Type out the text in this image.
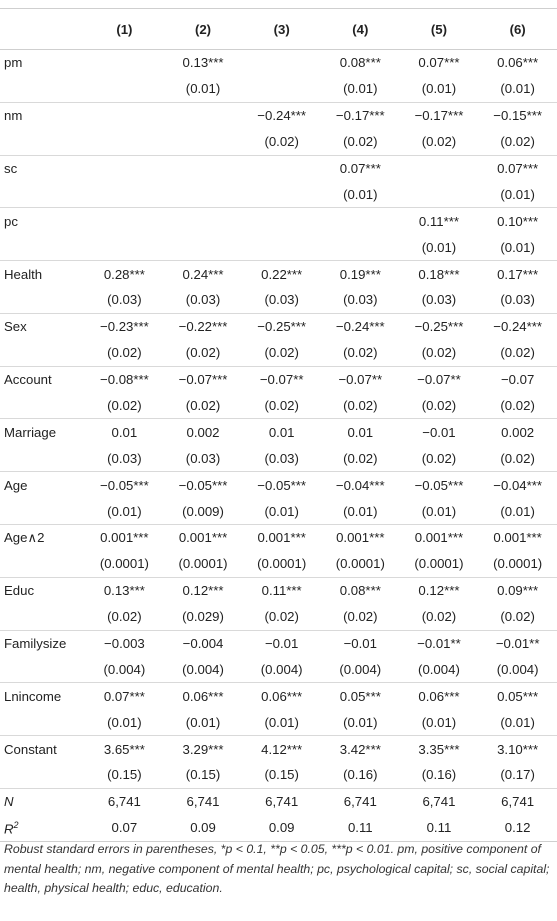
	(1)	(2)	(3)	(4)	(5)	(6)
pm		0.13***		0.08***	0.07***	0.06***
		(0.01)		(0.01)	(0.01)	(0.01)
nm			−0.24***	−0.17***	−0.17***	−0.15***
			(0.02)	(0.02)	(0.02)	(0.02)
sc				0.07***		0.07***
				(0.01)		(0.01)
pc					0.11***	0.10***
					(0.01)	(0.01)
Health	0.28***	0.24***	0.22***	0.19***	0.18***	0.17***
	(0.03)	(0.03)	(0.03)	(0.03)	(0.03)	(0.03)
Sex	−0.23***	−0.22***	−0.25***	−0.24***	−0.25***	−0.24***
	(0.02)	(0.02)	(0.02)	(0.02)	(0.02)	(0.02)
Account	−0.08***	−0.07***	−0.07**	−0.07**	−0.07**	−0.07
	(0.02)	(0.02)	(0.02)	(0.02)	(0.02)	(0.02)
Marriage	0.01	0.002	0.01	0.01	−0.01	0.002
	(0.03)	(0.03)	(0.03)	(0.02)	(0.02)	(0.02)
Age	−0.05***	−0.05***	−0.05***	−0.04***	−0.05***	−0.04***
	(0.01)	(0.009)	(0.01)	(0.01)	(0.01)	(0.01)
Age∧2	0.001***	0.001***	0.001***	0.001***	0.001***	0.001***
	(0.0001)	(0.0001)	(0.0001)	(0.0001)	(0.0001)	(0.0001)
Educ	0.13***	0.12***	0.11***	0.08***	0.12***	0.09***
	(0.02)	(0.029)	(0.02)	(0.02)	(0.02)	(0.02)
Familysize	−0.003	−0.004	−0.01	−0.01	−0.01**	−0.01**
	(0.004)	(0.004)	(0.004)	(0.004)	(0.004)	(0.004)
Lnincome	0.07***	0.06***	0.06***	0.05***	0.06***	0.05***
	(0.01)	(0.01)	(0.01)	(0.01)	(0.01)	(0.01)
Constant	3.65***	3.29***	4.12***	3.42***	3.35***	3.10***
	(0.15)	(0.15)	(0.15)	(0.16)	(0.16)	(0.17)
N	6,741	6,741	6,741	6,741	6,741	6,741
$R^2$	0.07	0.09	0.09	0.11	0.11	0.12
Robust standard errors in parentheses, *p < 0.1, **p < 0.05, ***p < 0.01. pm, positive component of mental health; nm, negative component of mental health; pc, psychological capital; sc, social capital; health, physical health; educ, education.
